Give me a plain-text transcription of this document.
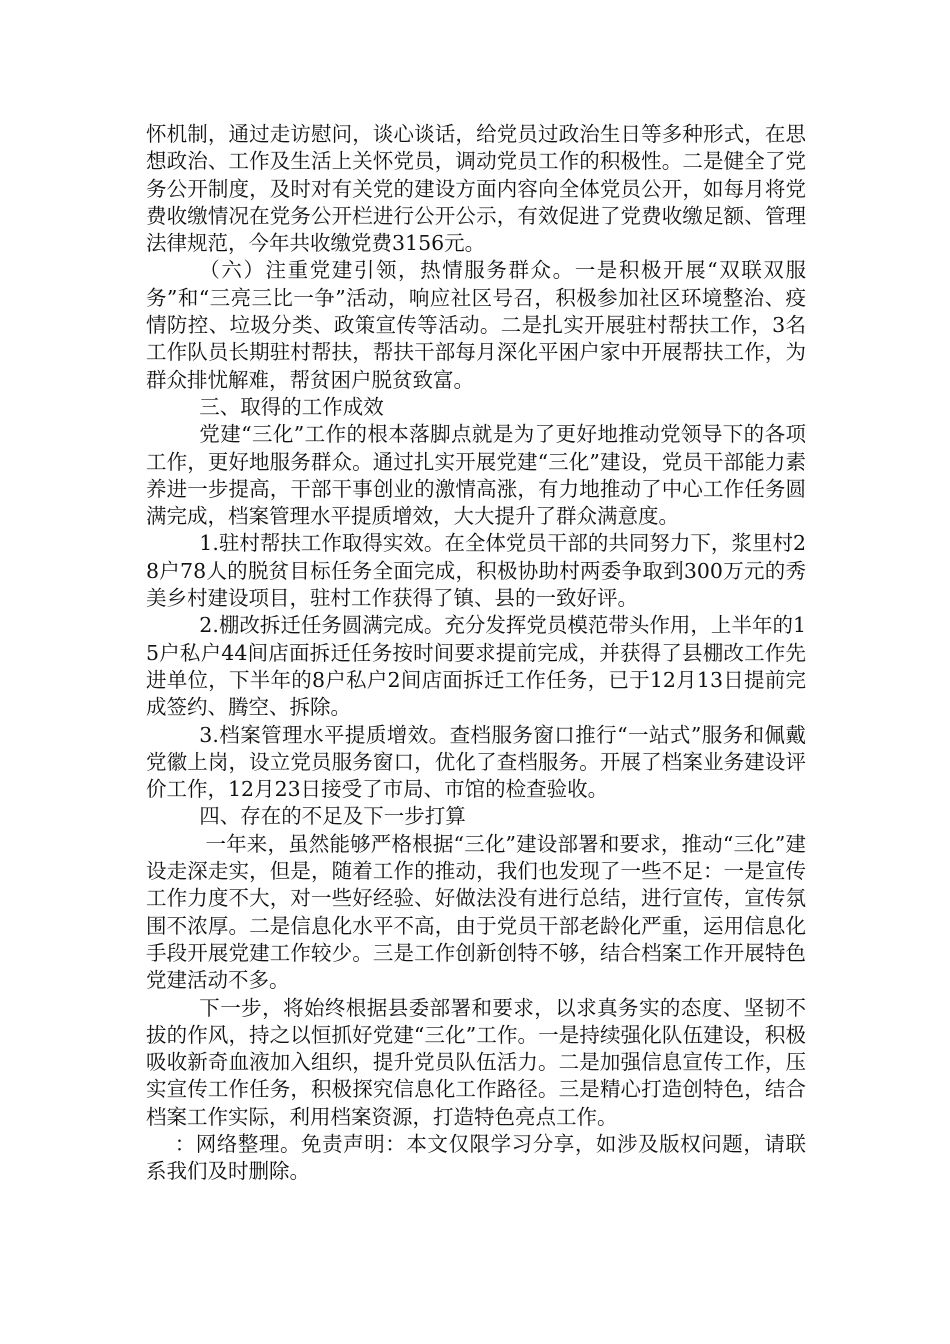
怀机制，通过走访慰问，谈心谈话，给党员过政治生日等多种形式，在思想政治、工作及生活上关怀党员，调动党员工作的积极性。二是健全了党务公开制度，及时对有关党的建设方面内容向全体党员公开，如每月将党费收缴情况在党务公开栏进行公开公示，有效促进了党费收缴足额、管理法律规范，今年共收缴党费3156元。

（六）注重党建引领，热情服务群众。一是积极开展“双联双服务”和“三亮三比一争”活动，响应社区号召，积极参加社区环境整治、疫情防控、垃圾分类、政策宣传等活动。二是扎实开展驻村帮扶工作，3名工作队员长期驻村帮扶，帮扶干部每月深化平困户家中开展帮扶工作，为群众排忧解难，帮贫困户脱贫致富。

三、取得的工作成效

党建“三化”工作的根本落脚点就是为了更好地推动党领导下的各项工作，更好地服务群众。通过扎实开展党建“三化”建设，党员干部能力素养进一步提高，干部干事创业的激情高涨，有力地推动了中心工作任务圆满完成，档案管理水平提质增效，大大提升了群众满意度。

1.驻村帮扶工作取得实效。在全体党员干部的共同努力下，浆里村28户78人的脱贫目标任务全面完成，积极协助村两委争取到300万元的秀美乡村建设项目，驻村工作获得了镇、县的一致好评。

2.棚改拆迁任务圆满完成。充分发挥党员模范带头作用，上半年的15户私户44间店面拆迁任务按时间要求提前完成，并获得了县棚改工作先进单位，下半年的8户私户2间店面拆迁工作任务，已于12月13日提前完成签约、腾空、拆除。

3.档案管理水平提质增效。查档服务窗口推行“一站式”服务和佩戴党徽上岗，设立党员服务窗口，优化了查档服务。开展了档案业务建设评价工作，12月23日接受了市局、市馆的检查验收。

四、存在的不足及下一步打算

一年来，虽然能够严格根据“三化”建设部署和要求，推动“三化”建设走深走实，但是，随着工作的推动，我们也发现了一些不足：一是宣传工作力度不大，对一些好经验、好做法没有进行总结，进行宣传，宣传氛围不浓厚。二是信息化水平不高，由于党员干部老龄化严重，运用信息化手段开展党建工作较少。三是工作创新创特不够，结合档案工作开展特色党建活动不多。

下一步，将始终根据县委部署和要求，以求真务实的态度、坚韧不拔的作风，持之以恒抓好党建“三化”工作。一是持续强化队伍建设，积极吸收新奇血液加入组织，提升党员队伍活力。二是加强信息宣传工作，压实宣传工作任务，积极探究信息化工作路径。三是精心打造创特色，结合档案工作实际，利用档案资源，打造特色亮点工作。

：网络整理。免责声明：本文仅限学习分享，如涉及版权问题，请联系我们及时删除。
